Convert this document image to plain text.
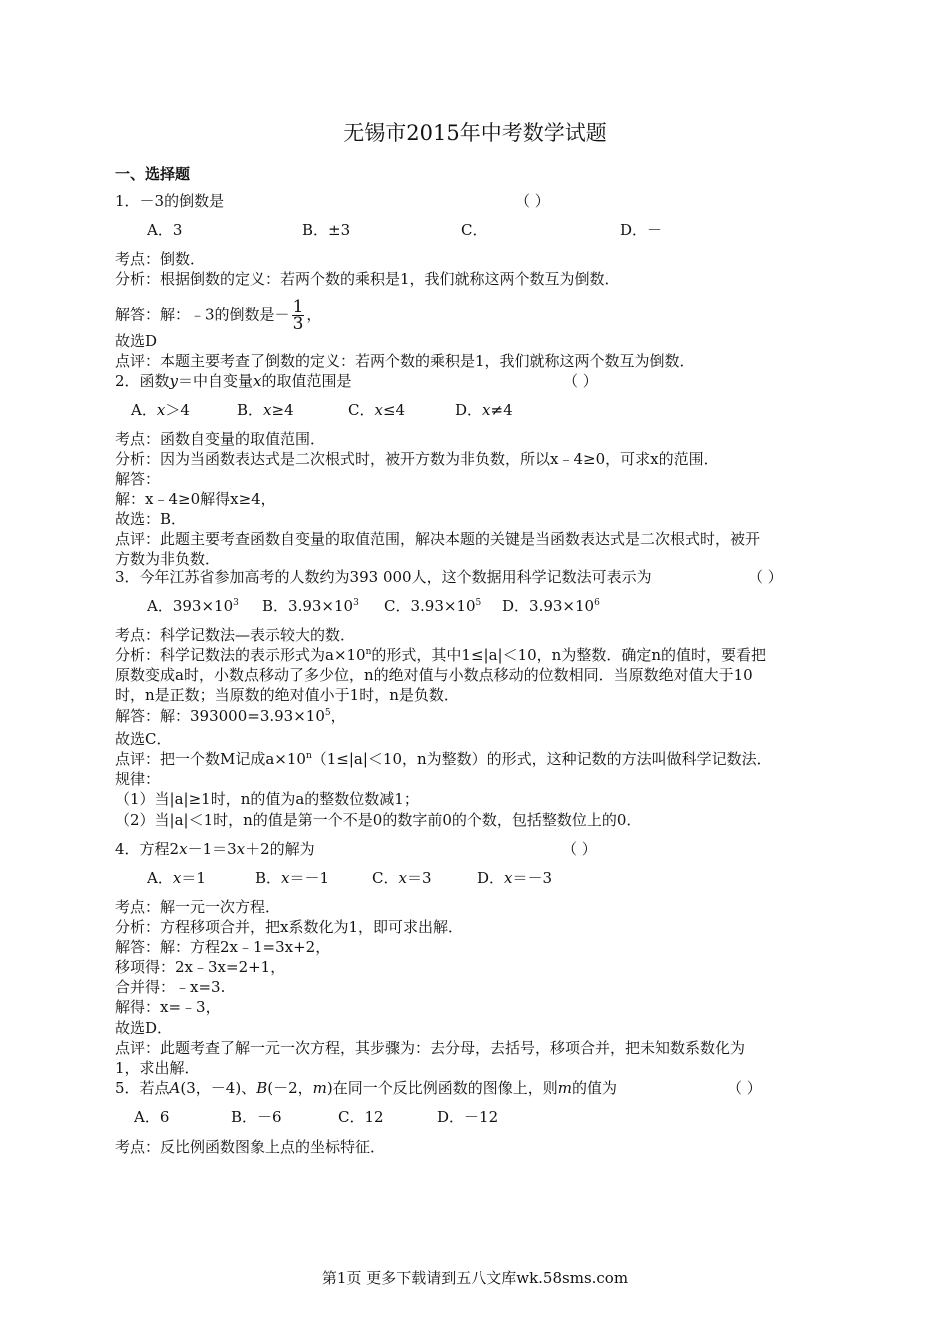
无锡市2015年中考数学试题
一、选择题
1．－3的倒数是	（ ）
A．3	B．±3	C．	D．－
考点：倒数．
分析：根据倒数的定义：若两个数的乘积是1，我们就称这两个数互为倒数．
解答：解：﹣3的倒数是－ $\frac{1}{3}$ ，
故选D
点评：本题主要考查了倒数的定义：若两个数的乘积是1，我们就称这两个数互为倒数．
2．函数y＝中自变量x的取值范围是	（ ）
A．x＞4	B．x≥4	C．x≤4	D．x≠4
考点：函数自变量的取值范围．
分析：因为当函数表达式是二次根式时，被开方数为非负数，所以x﹣4≥0，可求x的范围．
解答：
解：x﹣4≥0解得x≥4，
故选：B．
点评：此题主要考查函数自变量的取值范围，解决本题的关键是当函数表达式是二次根式时，被开
方数为非负数．
3．今年江苏省参加高考的人数约为393 000人，这个数据用科学记数法可表示为	（ ）
A．$393\times 10^3$ B．$3.93\times 10^3$ C．$3.93\times 10^5$ D．$3.93\times 10^6$
考点：科学记数法—表示较大的数．
分析：科学记数法的表示形式为$a\times 10^n$的形式，其中1≤|a|＜10，n为整数．确定n的值时，要看把
原数变成a时，小数点移动了多少位，n的绝对值与小数点移动的位数相同．当原数绝对值大于10
时，n是正数；当原数的绝对值小于1时，n是负数．
解答：解：$393000=3.93\times 10^5$，
故选C．
点评：把一个数M记成$a\times 10^n(1\le|a|<10$，n为整数）的形式，这种记数的方法叫做科学记数法．
规律：
（1）当|a|≥1时，n的值为a的整数位数减1；
（2）当|a|＜1时，n的值是第一个不是0的数字前0的个数，包括整数位上的0．
4．方程2x－1＝3x＋2的解为	（ ）
A．x＝1	B．x＝－1	C．x＝3	D．x＝－3
考点：解一元一次方程．
分析：方程移项合并，把x系数化为1，即可求出解．
解答：解：方程2x﹣1=3x+2，
移项得：2x﹣3x=2+1，
合并得：﹣x=3.
解得：x=﹣3，
故选D．
点评：此题考查了解一元一次方程，其步骤为：去分母，去括号，移项合并，把未知数系数化为
1，求出解．
5．若点A(3，－4)、B(－2，m)在同一个反比例函数的图像上，则m的值为	（ ）
A．6	B．－6	C．12	D．－12
考点：反比例函数图象上点的坐标特征．
第1页 更多下载请到五八文库wk.58sms.com
